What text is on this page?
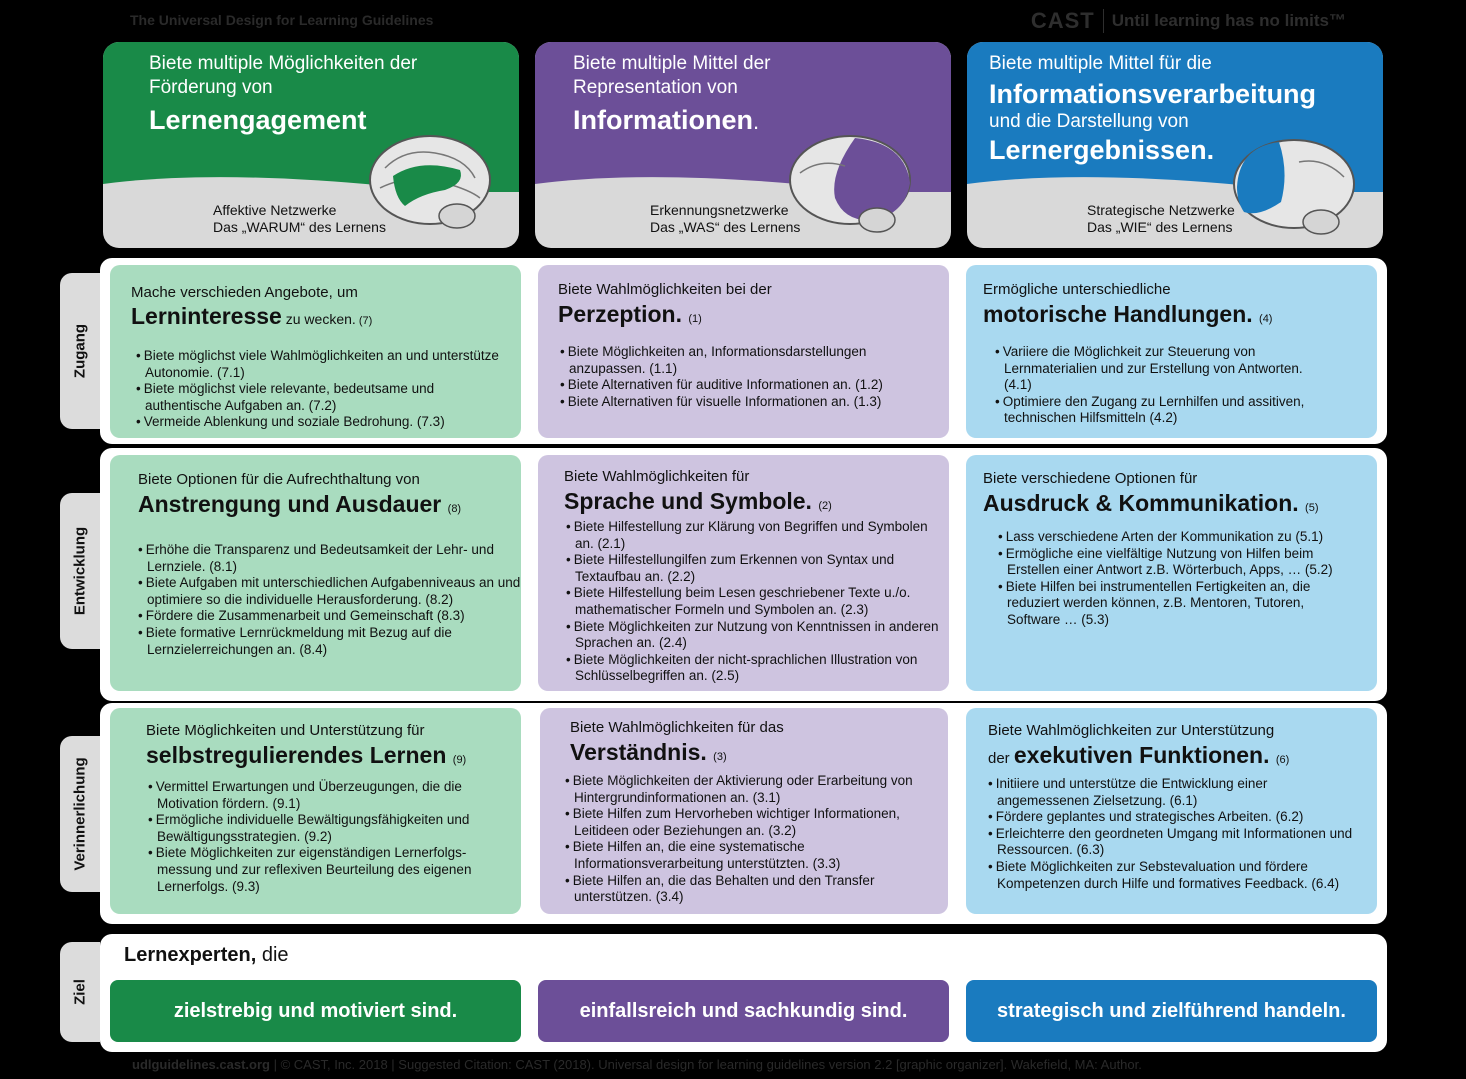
The Universal Design for Learning Guidelines	CAST Until learning has no limits™
Biete multiple Möglichkeiten der Förderung von
Lernengagement
Affektive Netzwerke
Das „WARUM“ des Lernens
Biete multiple Mittel der Representation von
Informationen.
Erkennungsnetzwerke
Das „WAS“ des Lernens
Biete multiple Mittel für die
Informationsverarbeitung
und die Darstellung von
Lernergebnissen.
Strategische Netzwerke
Das „WIE“ des Lernens
Zugang
Entwicklung
Verinnerlichung
Ziel
Mache verschieden Angebote, um
Lerninteresse zu wecken. (7)
• Biete möglichst viele Wahlmöglichkeiten an und unterstütze Autonomie. (7.1)
• Biete möglichst viele relevante, bedeutsame und authentische Aufgaben an. (7.2)
• Vermeide Ablenkung und soziale Bedrohung. (7.3)
Biete Wahlmöglichkeiten bei der
Perzeption. (1)
• Biete Möglichkeiten an, Informationsdarstellungen anzupassen. (1.1)
• Biete Alternativen für auditive Informationen an. (1.2)
• Biete Alternativen für visuelle Informationen an. (1.3)
Ermögliche unterschiedliche
motorische Handlungen. (4)
• Variiere die Möglichkeit zur Steuerung von Lernmaterialien und zur Erstellung von Antworten. (4.1)
• Optimiere den Zugang zu Lernhilfen und assitiven, technischen Hilfsmitteln (4.2)
Biete Optionen für die Aufrechthaltung von
Anstrengung und Ausdauer (8)
• Erhöhe die Transparenz und Bedeutsamkeit der Lehr- und Lernziele. (8.1)
• Biete Aufgaben mit unterschiedlichen Aufgabenniveaus an und optimiere so die individuelle Herausforderung. (8.2)
• Fördere die Zusammenarbeit und Gemeinschaft (8.3)
• Biete formative Lernrückmeldung mit Bezug auf die Lernzielerreichungen an. (8.4)
Biete Wahlmöglichkeiten für
Sprache und Symbole. (2)
• Biete Hilfestellung zur Klärung von Begriffen und Symbolen an. (2.1)
• Biete Hilfestellungilfen zum Erkennen von Syntax und Textaufbau an. (2.2)
• Biete Hilfestellung beim Lesen geschriebener Texte u./o. mathematischer Formeln und Symbolen an. (2.3)
• Biete Möglichkeiten zur Nutzung von Kenntnissen in anderen Sprachen an. (2.4)
• Biete Möglichkeiten der nicht-sprachlichen Illustration von Schlüsselbegriffen an. (2.5)
Biete verschiedene Optionen für
Ausdruck & Kommunikation. (5)
• Lass verschiedene Arten der Kommunikation zu (5.1)
• Ermögliche eine vielfältige Nutzung von Hilfen beim Erstellen einer Antwort z.B. Wörterbuch, Apps, … (5.2)
• Biete Hilfen bei instrumentellen Fertigkeiten an, die reduziert werden können, z.B. Mentoren, Tutoren, Software … (5.3)
Biete Möglichkeiten und Unterstützung für
selbstregulierendes Lernen (9)
• Vermittel Erwartungen und Überzeugungen, die die Motivation fördern. (9.1)
• Ermögliche individuelle Bewältigungsfähigkeiten und Bewältigungsstrategien. (9.2)
• Biete Möglichkeiten zur eigenständigen Lernerfolgs-messung und zur reflexiven Beurteilung des eigenen Lernerfolgs. (9.3)
Biete Wahlmöglichkeiten für das
Verständnis. (3)
• Biete Möglichkeiten der Aktivierung oder Erarbeitung von Hintergrundinformationen an. (3.1)
• Biete Hilfen zum Hervorheben wichtiger Informationen, Leitideen oder Beziehungen an. (3.2)
• Biete Hilfen an, die eine systematische Informationsverarbeitung unterstützten. (3.3)
• Biete Hilfen an, die das Behalten und den Transfer unterstützen. (3.4)
Biete Wahlmöglichkeiten zur Unterstützung
der exekutiven Funktionen. (6)
• Initiiere und unterstütze die Entwicklung einer angemessenen Zielsetzung. (6.1)
• Fördere geplantes und strategisches Arbeiten. (6.2)
• Erleichterre den geordneten Umgang mit Informationen und Ressourcen. (6.3)
• Biete Möglichkeiten zur Sebstevaluation und fördere Kompetenzen durch Hilfe und formatives Feedback. (6.4)
Lernexperten, die
zielstrebig und motiviert sind.	einfallsreich und sachkundig sind.	strategisch und zielführend handeln.
udlguidelines.cast.org | © CAST, Inc. 2018 | Suggested Citation: CAST (2018). Universal design for learning guidelines version 2.2 [graphic organizer]. Wakefield, MA: Author.
